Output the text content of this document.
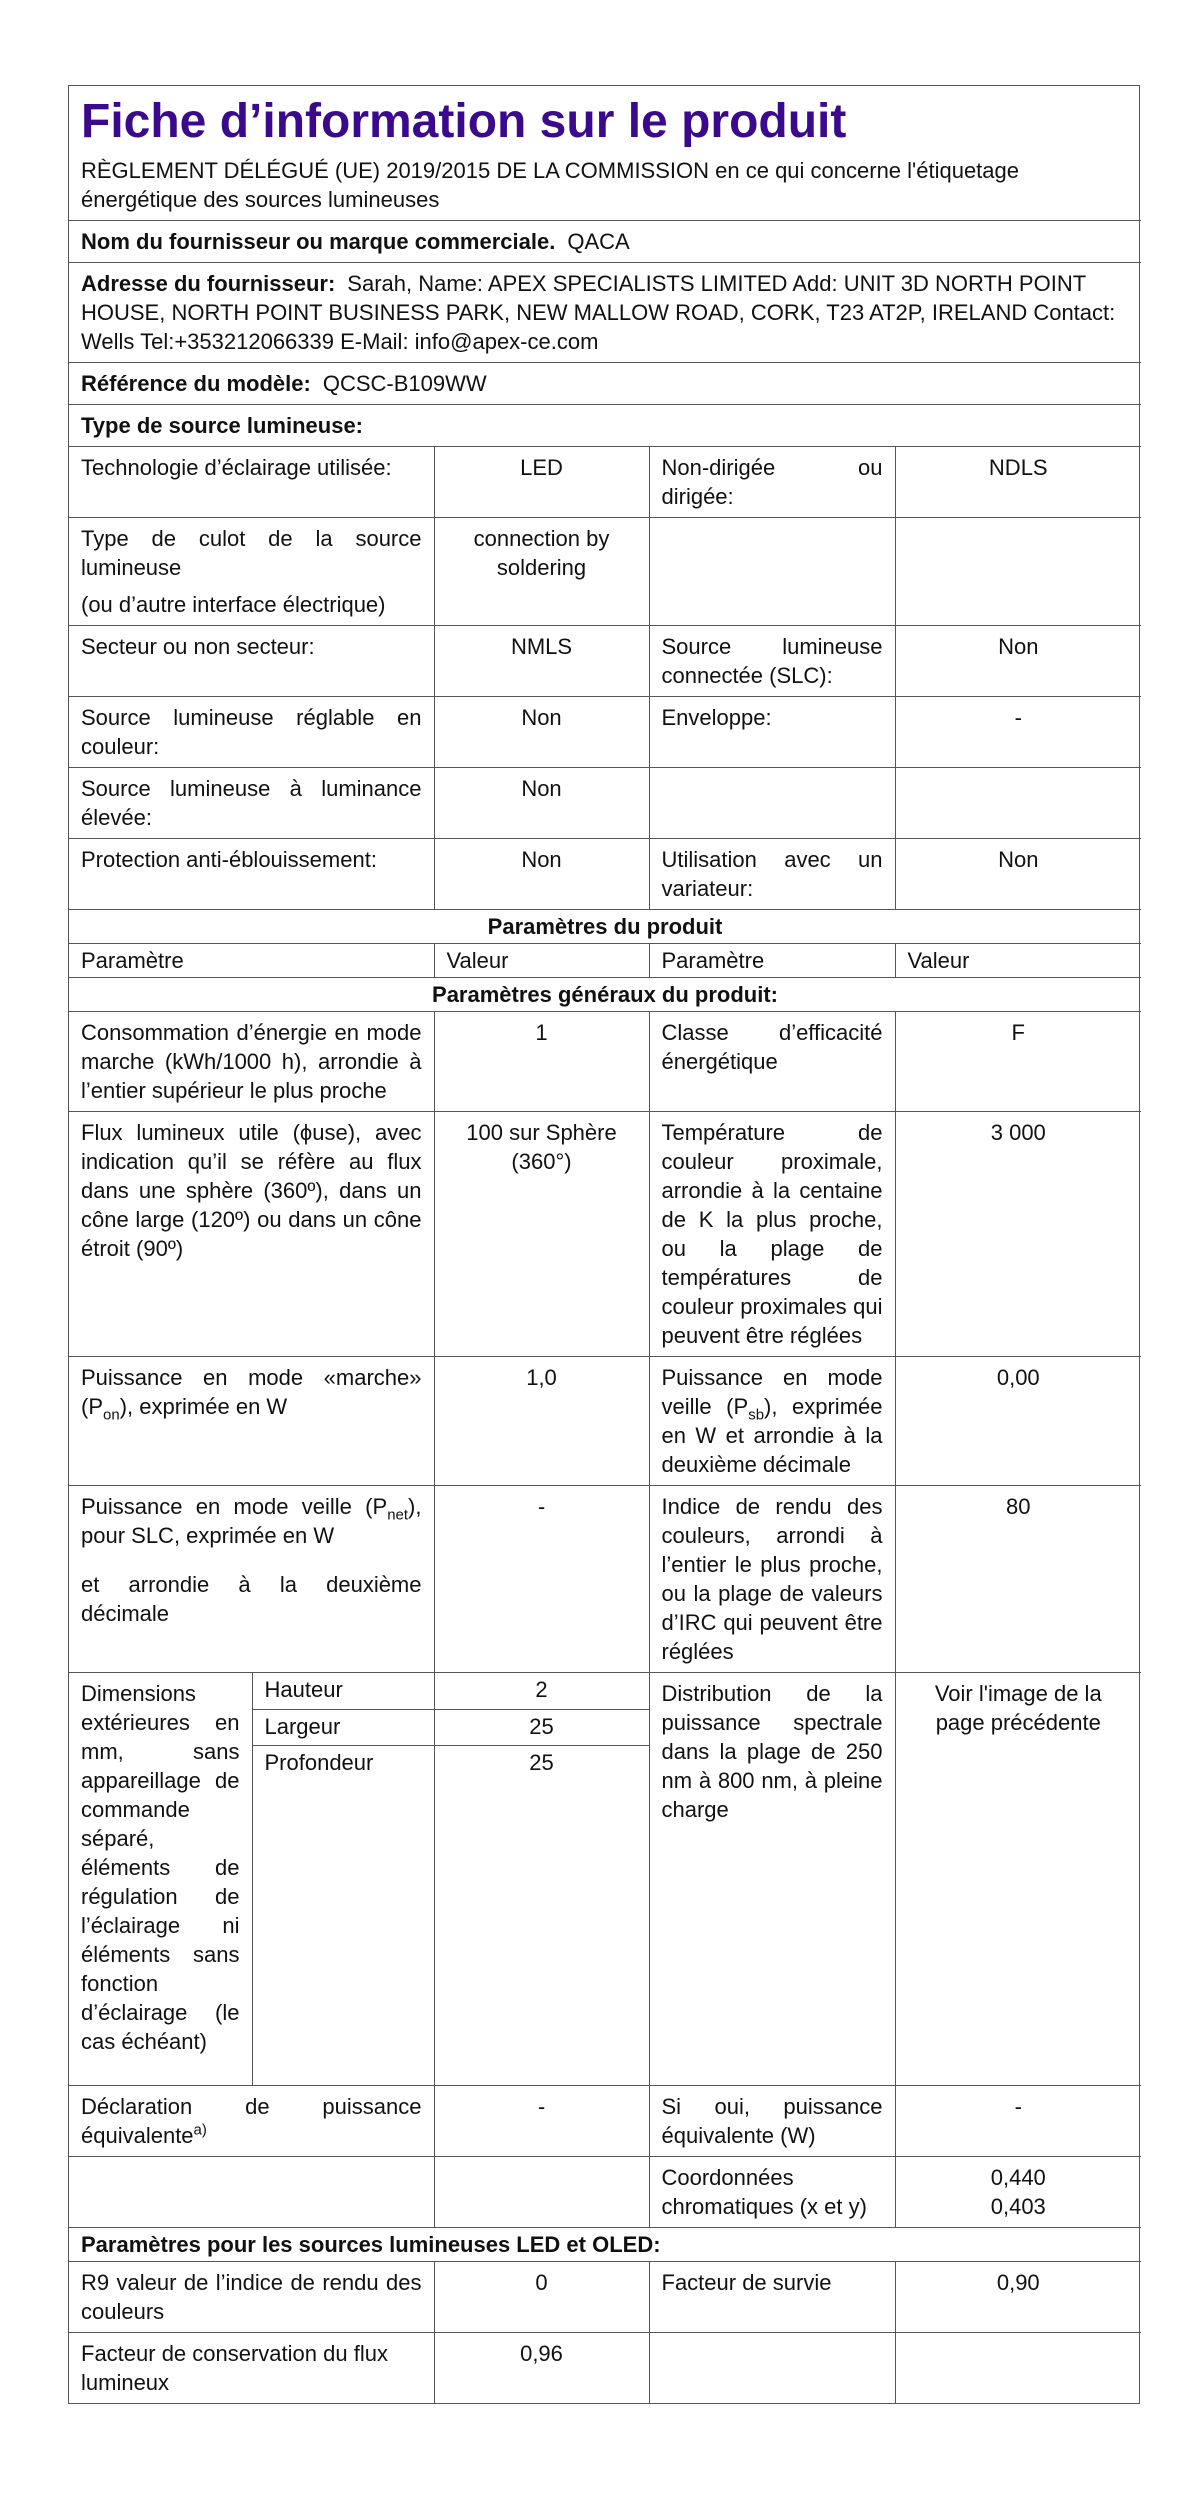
Fiche d’information sur le produit
RÈGLEMENT DÉLÉGUÉ (UE) 2019/2015 DE LA COMMISSION en ce qui concerne l'étiquetage énergétique des sources lumineuses				
Nom du fournisseur ou marque commerciale. QACA				
Adresse du fournisseur: Sarah, Name: APEX SPECIALISTS LIMITED Add: UNIT 3D NORTH POINT HOUSE, NORTH POINT BUSINESS PARK, NEW MALLOW ROAD, CORK, T23 AT2P, IRELAND Contact: Wells Tel:+353212066339 E-Mail: info@apex-ce.com				
Référence du modèle: QCSC-B109WW				
Type de source lumineuse:				
Technologie d’éclairage utilisée:		LED	Non-dirigée ou dirigée:	NDLS

Type de culot de la source lumineuse
(ou d’autre interface électrique)		connection by soldering		
Secteur ou non secteur:		NMLS	Source lumineuse connectée (SLC):	Non
Source lumineuse réglable en couleur:		Non	Enveloppe:	-
Source lumineuse à luminance élevée:		Non		
Protection anti-éblouissement:		Non	Utilisation avec un variateur:	Non
Paramètres du produit				
Paramètre		Valeur	Paramètre	Valeur
Paramètres généraux du produit:				
Consommation d’énergie en mode marche (kWh/1000 h), arrondie à l’entier supérieur le plus proche		1	Classe d’efficacité énergétique	F
Flux lumineux utile (ϕuse), avec indication qu’il se réfère au flux dans une sphère (360º), dans un cône large (120º) ou dans un cône étroit (90º)		100 sur Sphère (360°)	Température de couleur proximale, arrondie à la centaine de K la plus proche, ou la plage de températures de couleur proximales qui peuvent être réglées	3 000
Puissance en mode «marche» $(P_{on})$, exprimée en W		1,0	Puissance en mode veille $(P_{sb})$, exprimée en W et arrondie à la deuxième décimale	0,00

Puissance en mode veille $(P_{net})$, pour SLC, exprimée en W
et arrondie à la deuxième décimale		-	Indice de rendu des couleurs, arrondi à l’entier le plus proche, ou la plage de valeurs d’IRC qui peuvent être réglées	80
Dimensions extérieures en mm, sans appareillage de commande séparé, éléments de régulation de l’éclairage ni éléments sans fonction d’éclairage (le cas échéant)	Hauteur	2	Distribution de la puissance spectrale dans la plage de 250 nm à 800 nm, à pleine charge	Voir l'image de la page précédente
	Largeur	25		
	Profondeur	25		
Déclaration de puissance équivalente$^{a)}$		-	Si oui, puissance équivalente (W)	-
			Coordonnées chromatiques (x et y)	0,440
0,403

Paramètres pour les sources lumineuses LED et OLED:				
R9 valeur de l’indice de rendu des couleurs		0	Facteur de survie	0,90
Facteur de conservation du flux lumineux		0,96		
